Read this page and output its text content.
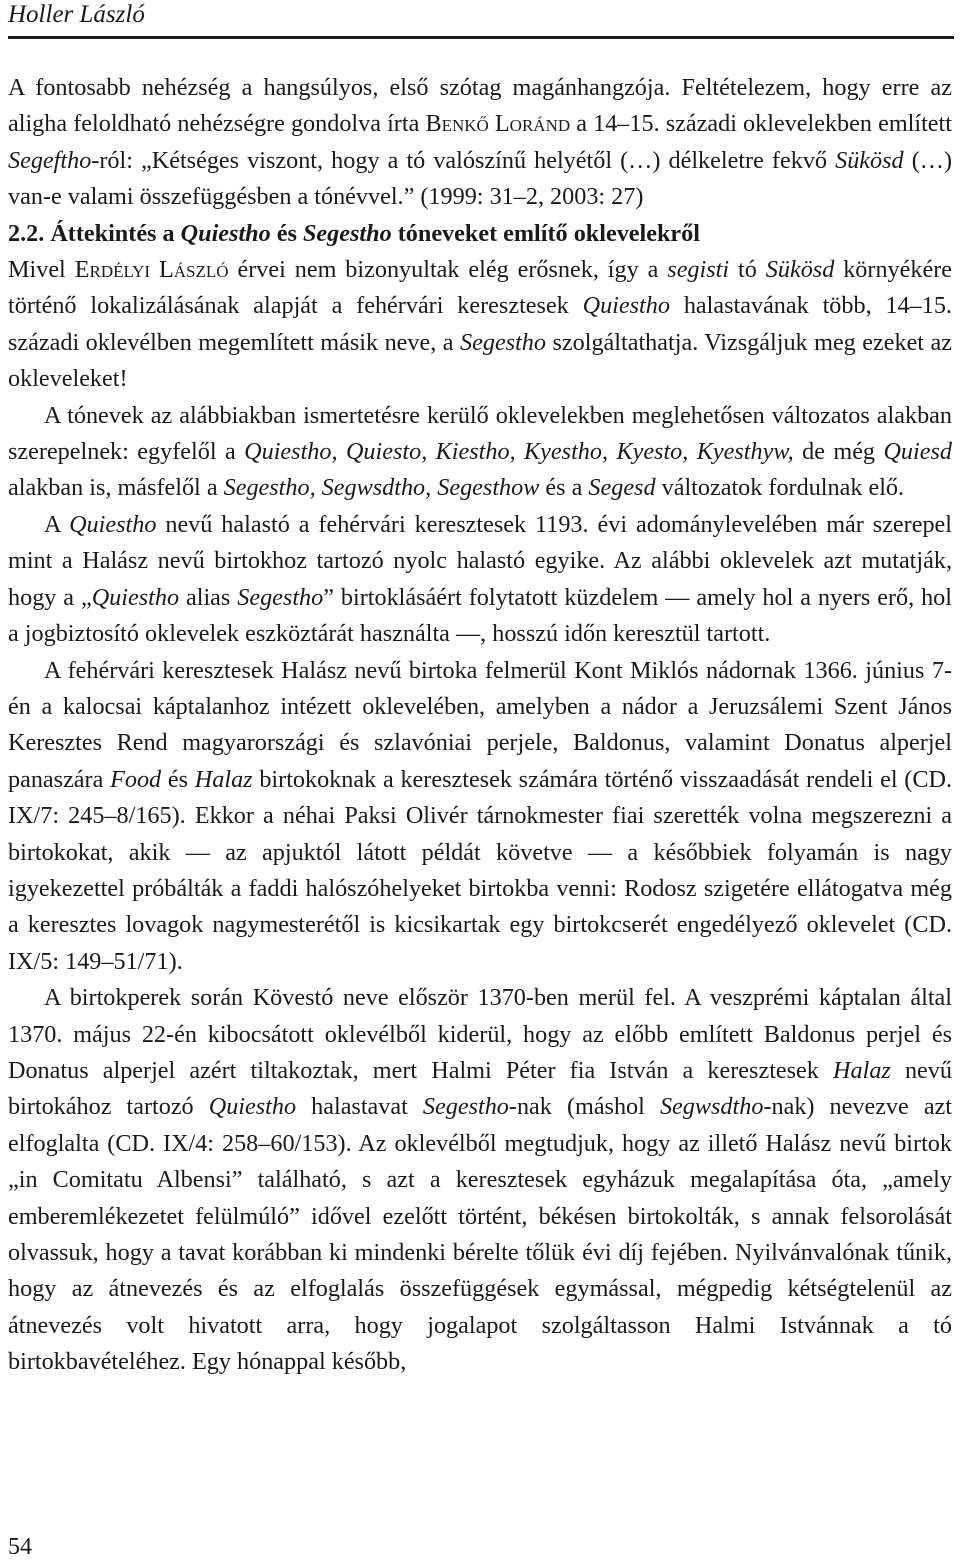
Holler László

A fontosabb nehézség a hangsúlyos, első szótag magánhangzója. Feltételezem, hogy erre az aligha feloldható nehézségre gondolva írta Benkő Loránd a 14–15. századi oklevelekben említett Segeftho-ról: „Kétséges viszont, hogy a tó valószínű helyétől (…) délkeletre fekvő Sükösd (…) van-e valami összefüggésben a tónévvel.” (1999: 31–2, 2003: 27)

2.2. Áttekintés a Quiestho és Segestho tóneveket említő oklevelekről

Mivel Erdélyi László érvei nem bizonyultak elég erősnek, így a segisti tó Sükösd környékére történő lokalizálásának alapját a fehérvári keresztesek Quiestho halastavának több, 14–15. századi oklevélben megemlített másik neve, a Segestho szolgáltathatja. Vizsgáljuk meg ezeket az okleveleket!

A tónevek az alábbiakban ismertetésre kerülő oklevelekben meglehetősen változatos alakban szerepelnek: egyfelől a Quiestho, Quiesto, Kiestho, Kyestho, Kyesto, Kyesthyw, de még Quiesd alakban is, másfelől a Segestho, Segwsdtho, Segesthow és a Segesd változatok fordulnak elő.

A Quiestho nevű halastó a fehérvári keresztesek 1193. évi adománylevelében már szerepel mint a Halász nevű birtokhoz tartozó nyolc halastó egyike. Az alábbi oklevelek azt mutatják, hogy a „Quiestho alias Segestho” birtoklásáért folytatott küzdelem — amely hol a nyers erő, hol a jogbiztosító oklevelek eszköztárát használta —, hosszú időn keresztül tartott.

A fehérvári keresztesek Halász nevű birtoka felmerül Kont Miklós nádornak 1366. június 7-én a kalocsai káptalanhoz intézett oklevelében, amelyben a nádor a Jeruzsálemi Szent János Keresztes Rend magyarországi és szlavóniai perjele, Baldonus, valamint Donatus alperjel panaszára Food és Halaz birtokoknak a keresztesek számára történő visszaadását rendeli el (CD. IX/7: 245–8/165). Ekkor a néhai Paksi Olivér tárnokmester fiai szerették volna megszerezni a birtokokat, akik — az apjuktól látott példát követve — a későbbiek folyamán is nagy igyekezettel próbálták a faddi halószóhelyeket birtokba venni: Rodosz szigetére ellátogatva még a keresztes lovagok nagymesterétől is kicsikartak egy birtokcserét engedélyező oklevelet (CD. IX/5: 149–51/71).

A birtokperek során Kövestó neve először 1370-ben merül fel. A veszprémi káptalan által 1370. május 22-én kibocsátott oklevélből kiderül, hogy az előbb említett Baldonus perjel és Donatus alperjel azért tiltakoztak, mert Halmi Péter fia István a keresztesek Halaz nevű birtokához tartozó Quiestho halastavat Segestho-nak (máshol Segwsdtho-nak) nevezve azt elfoglalta (CD. IX/4: 258–60/153). Az oklevélből megtudjuk, hogy az illető Halász nevű birtok „in Comitatu Albensi” található, s azt a keresztesek egyházuk megalapítása óta, „amely emberemlékezetet felülmúló” idővel ezelőtt történt, békésen birtokolták, s annak felsorolását olvassuk, hogy a tavat korábban ki mindenki bérelte tőlük évi díj fejében. Nyilvánvalónak tűnik, hogy az átnevezés és az elfoglalás összefüggések egymással, mégpedig kétségtelenül az átnevezés volt hivatott arra, hogy jogalapot szolgáltasson Halmi Istvánnak a tó birtokbavételéhez. Egy hónappal később,

54
